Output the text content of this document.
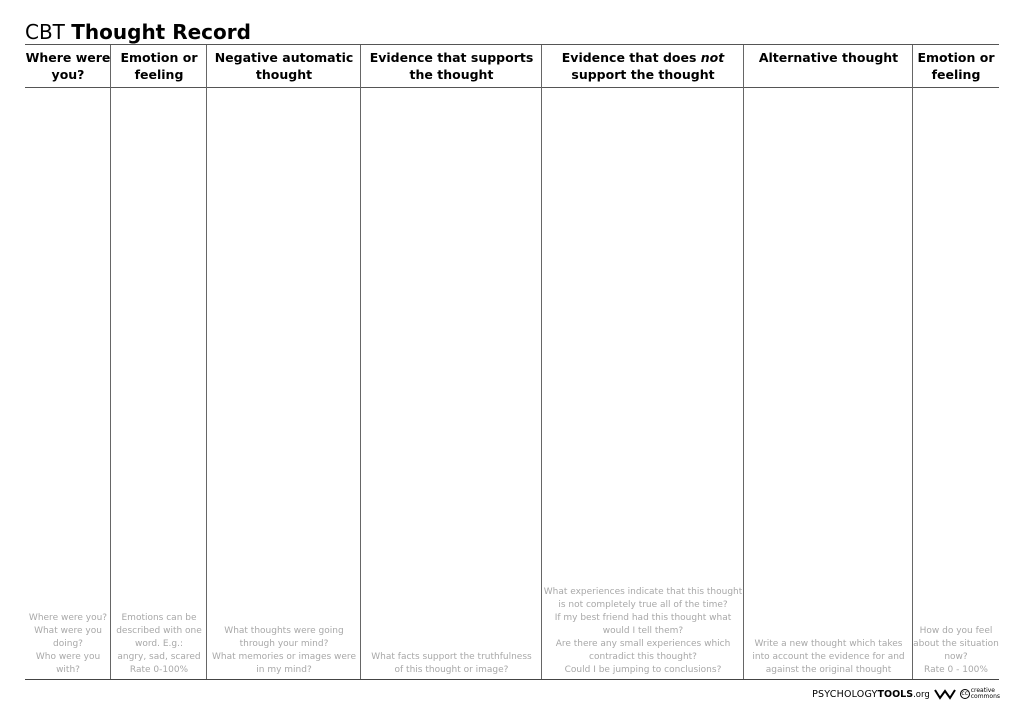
CBT Thought Record
Where were
you?
Where were you?
What were you
doing?
Who were you with?
Emotion or
feeling
Emotions can be
described with one
word. E.g.:
angry, sad, scared
Rate 0-100%
Negative automatic
thought
What thoughts were going
through your mind?
What memories or images were
in my mind?
Evidence that supports
the thought
What facts support the truthfulness
of this thought or image?
Evidence that does not
support the thought
What experiences indicate that this thought
is not completely true all of the time?
If my best friend had this thought what
would I tell them?
Are there any small experiences which
contradict this thought?
Could I be jumping to conclusions?
Alternative thought
Write a new thought which takes
into account the evidence for and
against the original thought
Emotion or
feeling
How do you feel
about the situation
now?
Rate 0 - 100%
PSYCHOLOGYTOOLS.org	cc creative
commons
